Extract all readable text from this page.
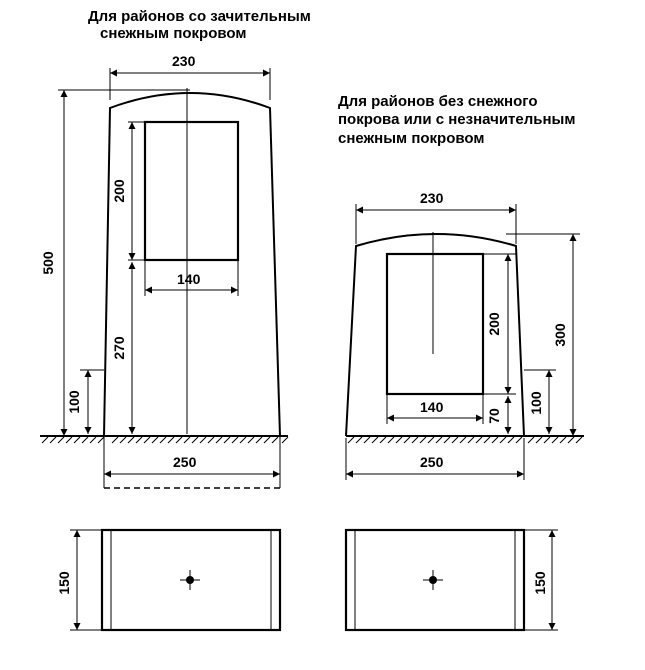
Для районов со зачительным
снежным покровом
Для районов без снежного
покрова или с незначительным
снежным покровом
230
500
200
270
140
100
250
230
300
200
70
140	100
250
150	150
